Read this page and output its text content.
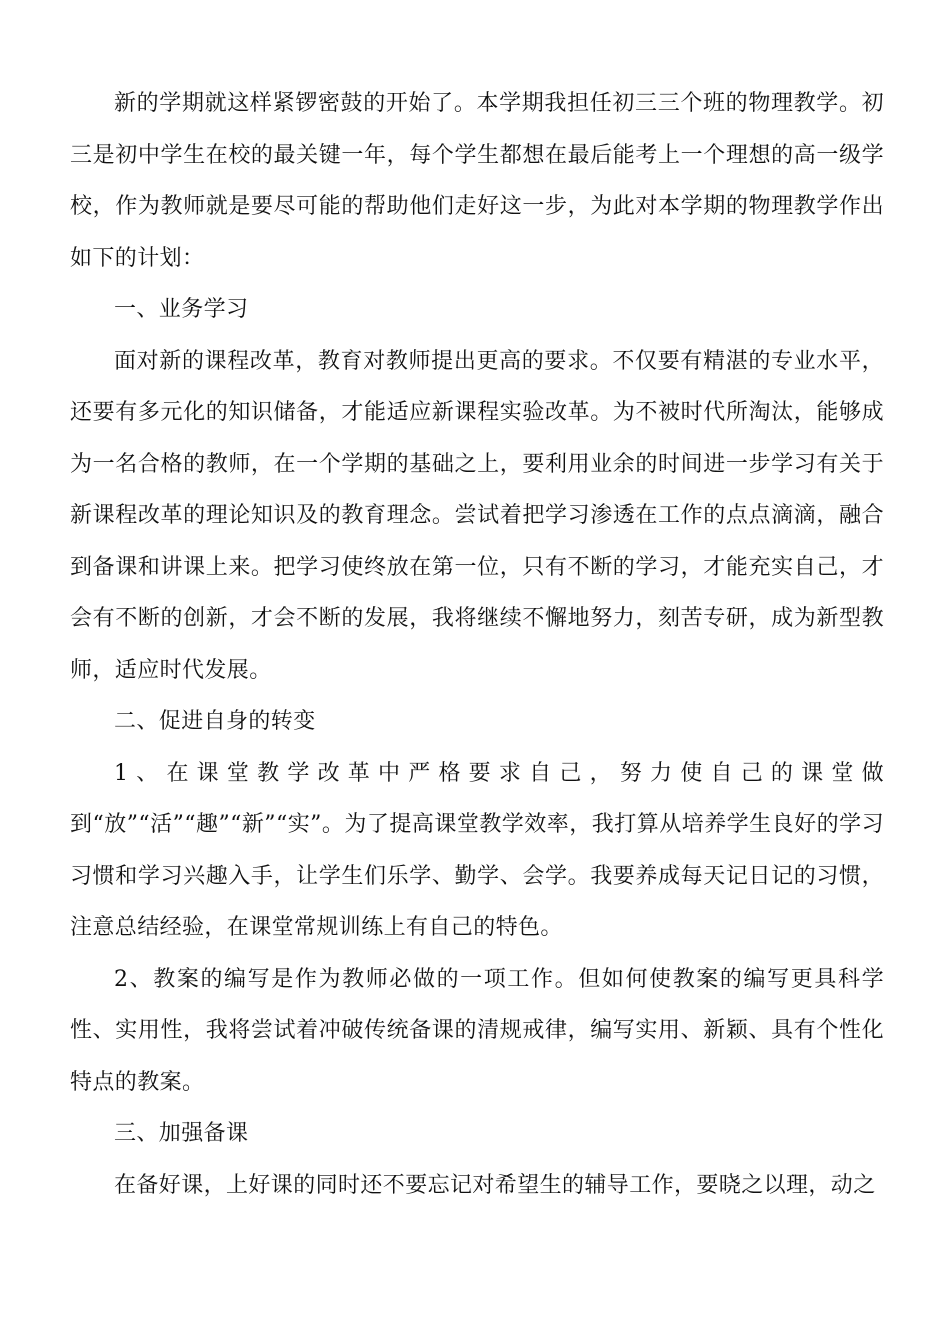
新的学期就这样紧锣密鼓的开始了。本学期我担任初三三个班的物理教学。初三是初中学生在校的最关键一年，每个学生都想在最后能考上一个理想的高一级学校，作为教师就是要尽可能的帮助他们走好这一步，为此对本学期的物理教学作出如下的计划：

一、业务学习

面对新的课程改革，教育对教师提出更高的要求。不仅要有精湛的专业水平，还要有多元化的知识储备，才能适应新课程实验改革。为不被时代所淘汰，能够成为一名合格的教师，在一个学期的基础之上，要利用业余的时间进一步学习有关于新课程改革的理论知识及的教育理念。尝试着把学习渗透在工作的点点滴滴，融合到备课和讲课上来。把学习使终放在第一位，只有不断的学习，才能充实自己，才会有不断的创新，才会不断的发展，我将继续不懈地努力，刻苦专研，成为新型教师，适应时代发展。

二、促进自身的转变

1、在课堂教学改革中严格要求自己，努力使自己的课堂做到“放”“活”“趣”“新”“实”。为了提高课堂教学效率，我打算从培养学生良好的学习习惯和学习兴趣入手，让学生们乐学、勤学、会学。我要养成每天记日记的习惯，注意总结经验，在课堂常规训练上有自己的特色。

2、教案的编写是作为教师必做的一项工作。但如何使教案的编写更具科学性、实用性，我将尝试着冲破传统备课的清规戒律，编写实用、新颖、具有个性化特点的教案。

三、加强备课

在备好课，上好课的同时还不要忘记对希望生的辅导工作，要晓之以理，动之
